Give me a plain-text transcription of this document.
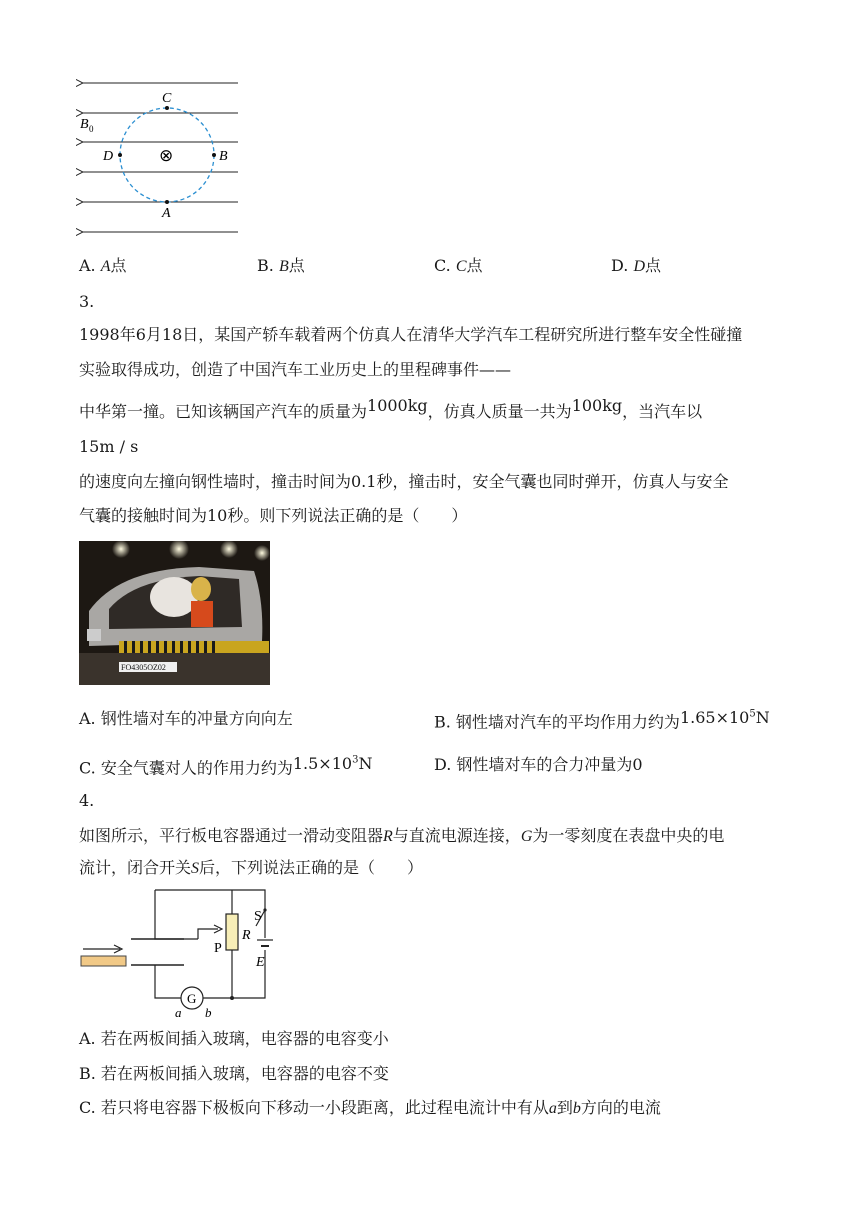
C
A
B
D
B 0
⊗
A. A点	B. B点	C. C点	D. D点
3.
1998年6月18日，某国产轿车载着两个仿真人在清华大学汽车工程研究所进行整车安全性碰撞
实验取得成功，创造了中国汽车工业历史上的里程碑事件——
中华第一撞。已知该辆国产汽车的质量为1000kg，仿真人质量一共为100kg，当汽车以
15m / s
的速度向左撞向钢性墙时，撞击时间为0.1秒，撞击时，安全气囊也同时弹开，仿真人与安全
气囊的接触时间为10秒。则下列说法正确的是（　　）
FO4305OZ02
A. 钢性墙对车的冲量方向向左	B. 钢性墙对汽车的平均作用力约为$1.65\times 10^5N$
C. 安全气囊对人的作用力约为$1.5\times 10^3N$	D. 钢性墙对车的合力冲量为0
4.
如图所示，平行板电容器通过一滑动变阻器R与直流电源连接，G为一零刻度在表盘中央的电
流计，闭合开关S后，下列说法正确的是（　　）
S
R
P
E
G
a b
A. 若在两板间插入玻璃，电容器的电容变小
B. 若在两板间插入玻璃，电容器的电容不变
C. 若只将电容器下极板向下移动一小段距离，此过程电流计中有从a到b方向的电流
